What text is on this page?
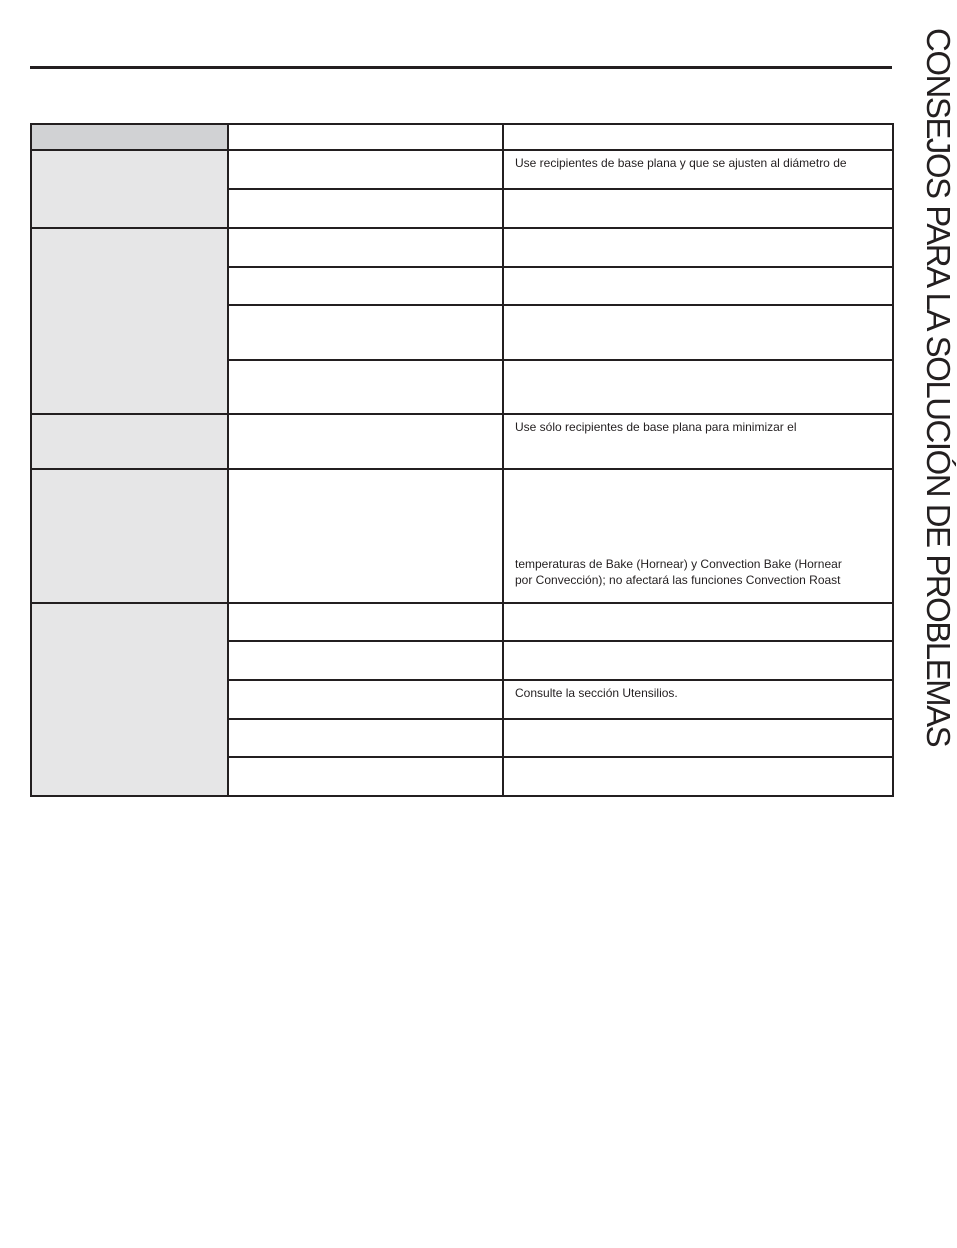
CONSEJOS PARA LA SOLUCIÓN DE PROBLEMAS

		Use recipientes de base plana y que se ajusten al diámetro de

		Use sólo recipientes de base plana para minimizar el

		temperaturas de Bake (Hornear) y Convection Bake (Hornear
por Convección); no afectará las funciones Convection Roast

		Consulte la sección Utensilios.
